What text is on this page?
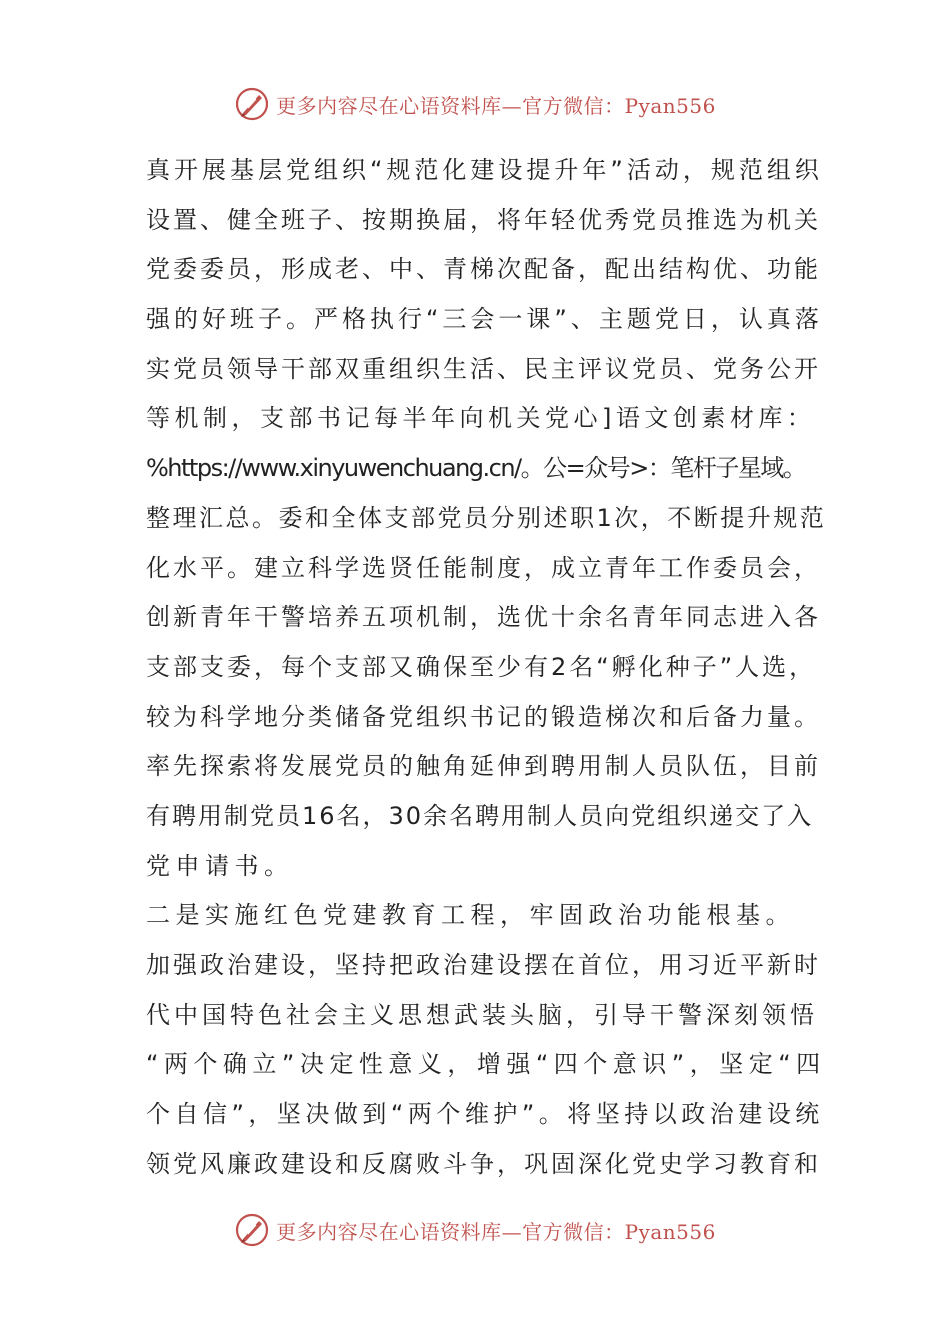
更多内容尽在心语资料库—官方微信：Pyan556
真开展基层党组织“规范化建设提升年”活动，规范组织
设置、健全班子、按期换届，将年轻优秀党员推选为机关
党委委员，形成老、中、青梯次配备，配出结构优、功能
强的好班子。严格执行“三会一课”、主题党日，认真落
实党员领导干部双重组织生活、民主评议党员、党务公开
等机制，支部书记每半年向机关党心]语文创素材库：
%https://www.xinyuwenchuang.cn/。公=众号>：笔杆子星域。
整理汇总。委和全体支部党员分别述职1次，不断提升规范
化水平。建立科学选贤任能制度，成立青年工作委员会，
创新青年干警培养五项机制，选优十余名青年同志进入各
支部支委，每个支部又确保至少有2名“孵化种子”人选，
较为科学地分类储备党组织书记的锻造梯次和后备力量。
率先探索将发展党员的触角延伸到聘用制人员队伍，目前
有聘用制党员16名，30余名聘用制人员向党组织递交了入
党申请书。
二是实施红色党建教育工程，牢固政治功能根基。
加强政治建设，坚持把政治建设摆在首位，用习近平新时
代中国特色社会主义思想武装头脑，引导干警深刻领悟
“两个确立”决定性意义，增强“四个意识”，坚定“四
个自信”，坚决做到“两个维护”。将坚持以政治建设统
领党风廉政建设和反腐败斗争，巩固深化党史学习教育和
更多内容尽在心语资料库—官方微信：Pyan556
